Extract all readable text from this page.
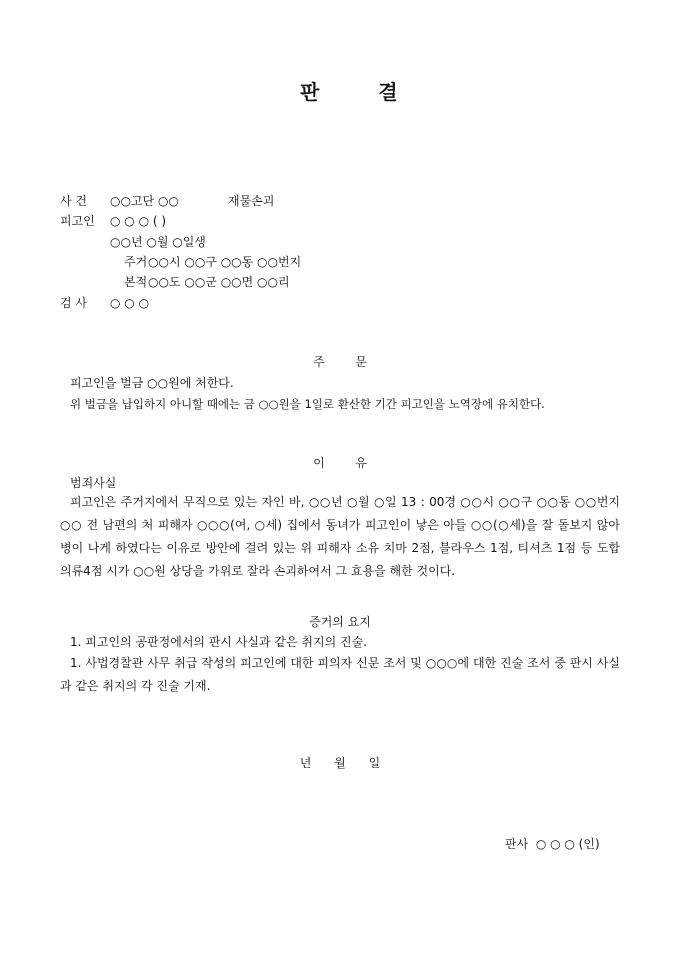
판 결
사 건 ○○고단 ○○	재물손괴
피고인 ○ ○ ○ ( )
○○년 ○월 ○일생
주거 ○○시 ○○구 ○○동 ○○번지
본적 ○○도 ○○군 ○○면 ○○리
검 사 ○ ○ ○
주        문
피고인을 벌금 ○○원에 처한다.
위 벌금을 납입하지 아니할 때에는 금 ○○원을 1일로 환산한 기간 피고인을 노역장에 유치한다.
이        유
범죄사실
피고인은 주거지에서 무직으로 있는 자인 바, ○○년 ○월 ○일 13 : 00경 ○○시 ○○구 ○○동 ○○번지 ○○ 전 남편의 처 피해자 ○○○(여, ○세) 집에서 동녀가 피고인이 낳은 아들 ○○(○세)을 잘 돌보지 않아 병이 나게 하였다는 이유로 방안에 걸려 있는 위 피해자 소유 치마 2점, 블라우스 1점, 티셔츠 1점 등 도합 의류4점 시가 ○○원 상당을 가위로 잘라 손괴하여서 그 효용을 해한 것이다.
증거의 요지
1. 피고인의 공판정에서의 판시 사실과 같은 취지의 진술.
1. 사법경찰관 사무 취급 작성의 피고인에 대한 피의자 신문 조서 및 ○○○에 대한 진술 조서 중 판시 사실과 같은 취지의 각 진술 기재.
년      월      일
판사  ○ ○ ○ (인)
